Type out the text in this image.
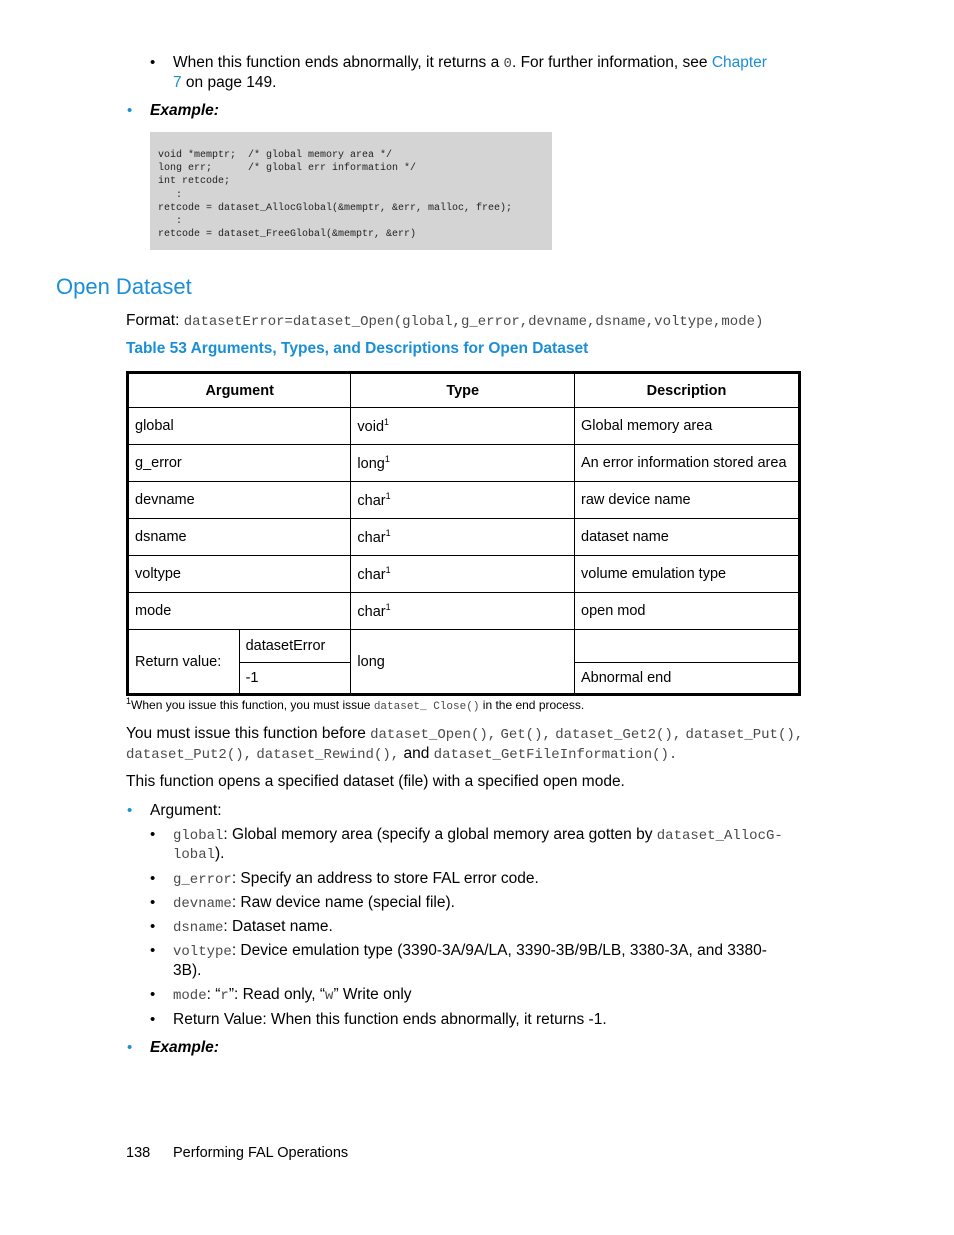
• When this function ends abnormally, it returns a 0. For further information, see Chapter
7 on page 149.
• Example:
void *memptr;  /* global memory area */
long err;      /* global err information */
int retcode;
:
retcode = dataset_AllocGlobal(&memptr, &err, malloc, free);
:
retcode = dataset_FreeGlobal(&memptr, &err)
Open Dataset
Format: datasetError=dataset_Open(global,g_error,devname,dsname,voltype,mode)
Table 53 Arguments, Types, and Descriptions for Open Dataset
Argument		Type	Description
global		void$^1$	Global memory area
g_error		long$^1$	An error information stored area
devname		char$^1$	raw device name
dsname		char$^1$	dataset name
voltype		char$^1$	volume emulation type
mode		char$^1$	open mod
Return value:	datasetError	long	
	-1		Abnormal end
$^1$When you issue this function, you must issue dataset_ Close() in the end process.
You must issue this function before dataset_Open(), Get(), dataset_Get2(), dataset_Put(),
dataset_Put2(), dataset_Rewind(), and dataset_GetFileInformation().
This function opens a specified dataset (file) with a specified open mode.
• Argument:
• global: Global memory area (specify a global memory area gotten by dataset_AllocG-
lobal).
• g_error: Specify an address to store FAL error code.
• devname: Raw device name (special file).
• dsname: Dataset name.
• voltype: Device emulation type (3390-3A/9A/LA, 3390-3B/9B/LB, 3380-3A, and 3380-
3B).
• mode: “r”: Read only, “w” Write only
• Return Value: When this function ends abnormally, it returns -1.
• Example:
138 Performing FAL Operations
